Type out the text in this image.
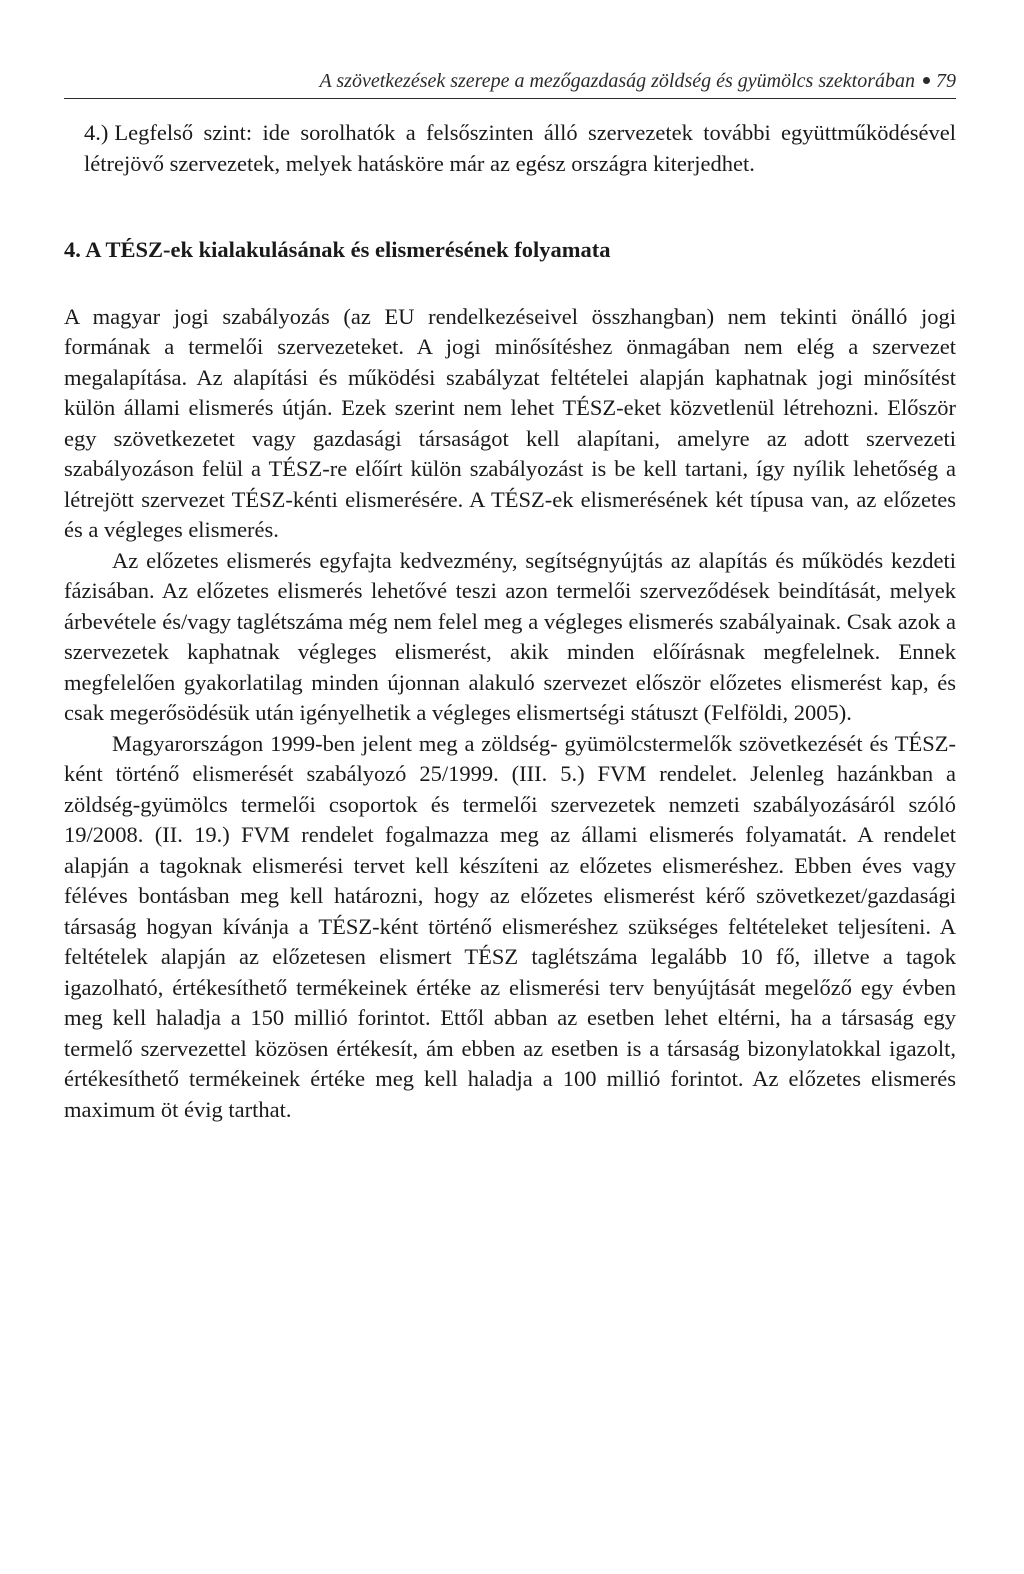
A szövetkezések szerepe a mezőgazdaság zöldség és gyümölcs szektorában 79

4.) Legfelső szint: ide sorolhatók a felsőszinten álló szervezetek további együttműködésével létrejövő szervezetek, melyek hatásköre már az egész országra kiterjedhet.

4. A TÉSZ-ek kialakulásának és elismerésének folyamata

A magyar jogi szabályozás (az EU rendelkezéseivel összhangban) nem tekinti önálló jogi formának a termelői szervezeteket. A jogi minősítéshez önmagában nem elég a szervezet megalapítása. Az alapítási és működési szabályzat feltételei alapján kaphatnak jogi minősítést külön állami elismerés útján. Ezek szerint nem lehet TÉSZ-eket közvetlenül létrehozni. Először egy szövetkezetet vagy gazdasági társaságot kell alapítani, amelyre az adott szervezeti szabályozáson felül a TÉSZ-re előírt külön szabályozást is be kell tartani, így nyílik lehetőség a létrejött szervezet TÉSZ-kénti elismerésére. A TÉSZ-ek elismerésének két típusa van, az előzetes és a végleges elismerés.

Az előzetes elismerés egyfajta kedvezmény, segítségnyújtás az alapítás és működés kezdeti fázisában. Az előzetes elismerés lehetővé teszi azon termelői szerveződések beindítását, melyek árbevétele és/vagy taglétszáma még nem felel meg a végleges elismerés szabályainak. Csak azok a szervezetek kaphatnak végleges elismerést, akik minden előírásnak megfelelnek. Ennek megfelelően gyakorlatilag minden újonnan alakuló szervezet először előzetes elismerést kap, és csak megerősödésük után igényelhetik a végleges elismertségi státuszt (Felföldi, 2005).

Magyarországon 1999-ben jelent meg a zöldség- gyümölcstermelők szövetkezését és TÉSZ-ként történő elismerését szabályozó 25/1999. (III. 5.) FVM rendelet. Jelenleg hazánkban a zöldség-gyümölcs termelői csoportok és termelői szervezetek nemzeti szabályozásáról szóló 19/2008. (II. 19.) FVM rendelet fogalmazza meg az állami elismerés folyamatát. A rendelet alapján a tagoknak elismerési tervet kell készíteni az előzetes elismeréshez. Ebben éves vagy féléves bontásban meg kell határozni, hogy az előzetes elismerést kérő szövetkezet/gazdasági társaság hogyan kívánja a TÉSZ-ként történő elismeréshez szükséges feltételeket teljesíteni. A feltételek alapján az előzetesen elismert TÉSZ taglétszáma legalább 10 fő, illetve a tagok igazolható, értékesíthető termékeinek értéke az elismerési terv benyújtását megelőző egy évben meg kell haladja a 150 millió forintot. Ettől abban az esetben lehet eltérni, ha a társaság egy termelő szervezettel közösen értékesít, ám ebben az esetben is a társaság bizonylatokkal igazolt, értékesíthető termékeinek értéke meg kell haladja a 100 millió forintot. Az előzetes elismerés maximum öt évig tarthat.
